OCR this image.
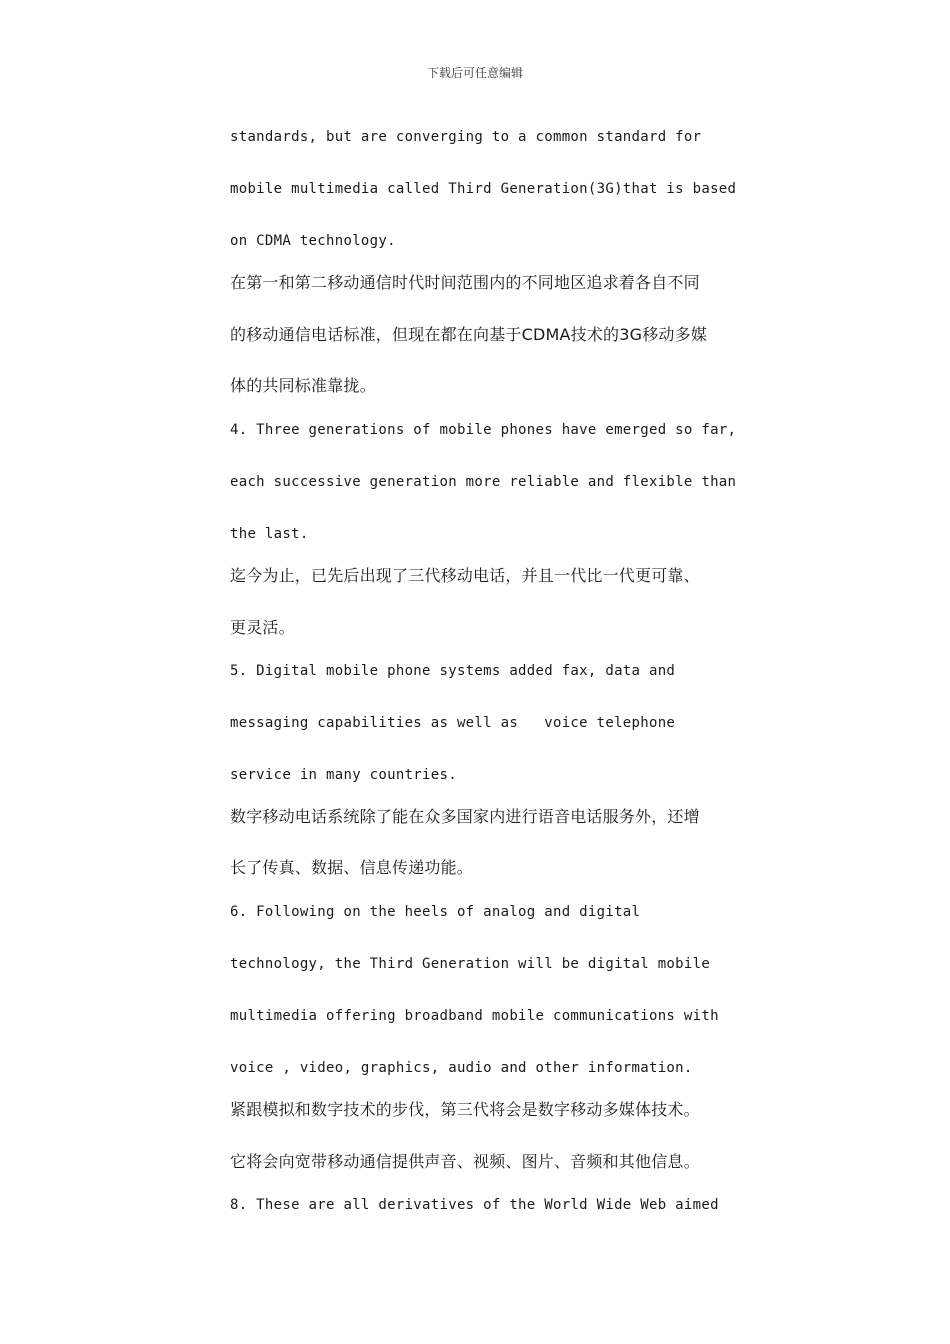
下载后可任意编辑
standards, but are converging to a common standard for
mobile multimedia called Third Generation(3G)that is based
on CDMA technology.
在第一和第二移动通信时代时间范围内的不同地区追求着各自不同
的移动通信电话标准，但现在都在向基于CDMA技术的3G移动多媒
体的共同标准靠拢。
4. Three generations of mobile phones have emerged so far,
each successive generation more reliable and flexible than
the last.
迄今为止，已先后出现了三代移动电话，并且一代比一代更可靠、
更灵活。
5. Digital mobile phone systems added fax, data and
messaging capabilities as well as   voice telephone
service in many countries.
数字移动电话系统除了能在众多国家内进行语音电话服务外，还增
长了传真、数据、信息传递功能。
6. Following on the heels of analog and digital
technology, the Third Generation will be digital mobile
multimedia offering broadband mobile communications with
voice , video, graphics, audio and other information.
紧跟模拟和数字技术的步伐，第三代将会是数字移动多媒体技术。
它将会向宽带移动通信提供声音、视频、图片、音频和其他信息。
8. These are all derivatives of the World Wide Web aimed
